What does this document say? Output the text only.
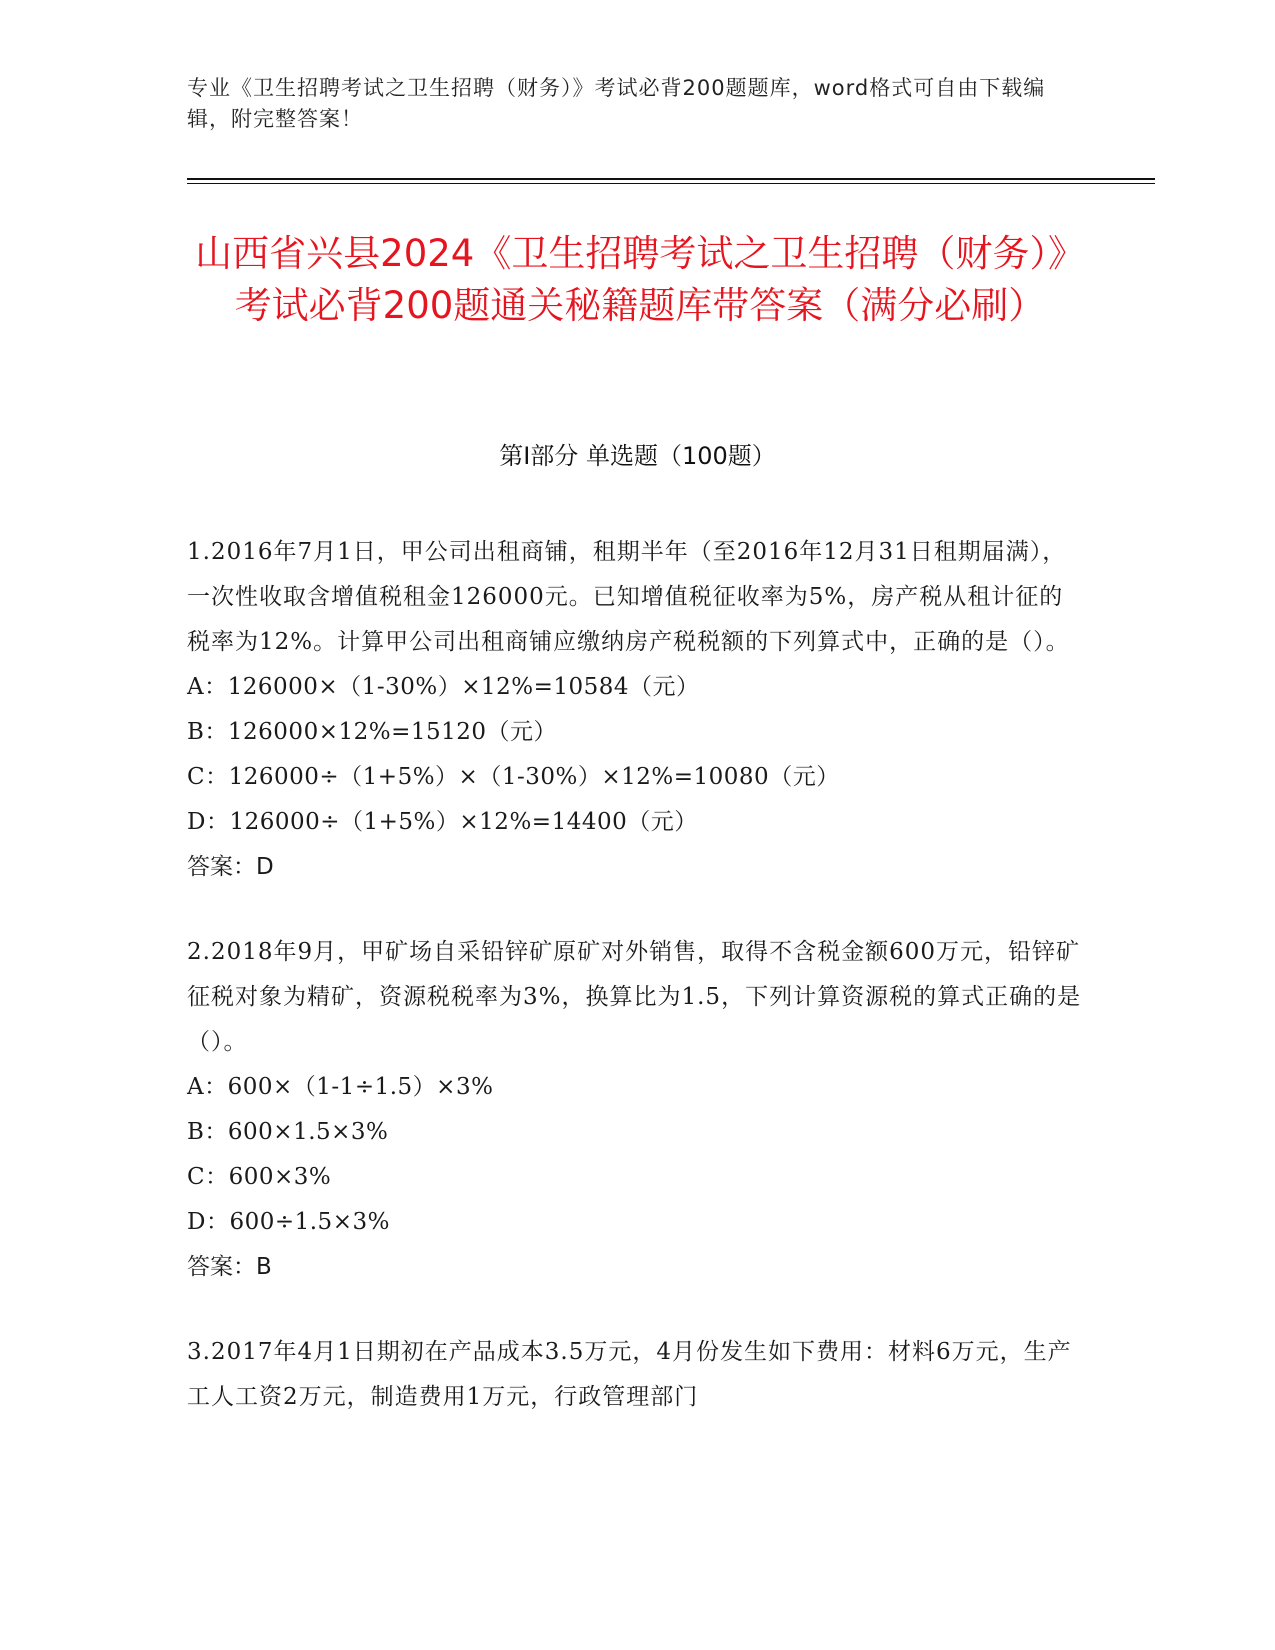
专业《卫生招聘考试之卫生招聘（财务）》考试必背200题题库，word格式可自由下载编辑，附完整答案！
山西省兴县2024《卫生招聘考试之卫生招聘（财务）》考试必背200题通关秘籍题库带答案（满分必刷）
第I部分 单选题（100题）

1.2016年7月1日，甲公司出租商铺，租期半年（至2016年12月31日租期届满），一次性收取含增值税租金126000元。已知增值税征收率为5%，房产税从租计征的税率为12%。计算甲公司出租商铺应缴纳房产税税额的下列算式中，正确的是（）。

A：126000×（1-30%）×12%=10584（元）

B：126000×12%=15120（元）

C：126000÷（1+5%）×（1-30%）×12%=10080（元）

D：126000÷（1+5%）×12%=14400（元）

答案：D

2.2018年9月，甲矿场自采铅锌矿原矿对外销售，取得不含税金额600万元，铅锌矿征税对象为精矿，资源税税率为3%，换算比为1.5，下列计算资源税的算式正确的是（）。

A：600×（1-1÷1.5）×3%

B：600×1.5×3%

C：600×3%

D：600÷1.5×3%

答案：B

3.2017年4月1日期初在产品成本3.5万元，4月份发生如下费用：材料6万元，生产工人工资2万元，制造费用1万元，行政管理部门
